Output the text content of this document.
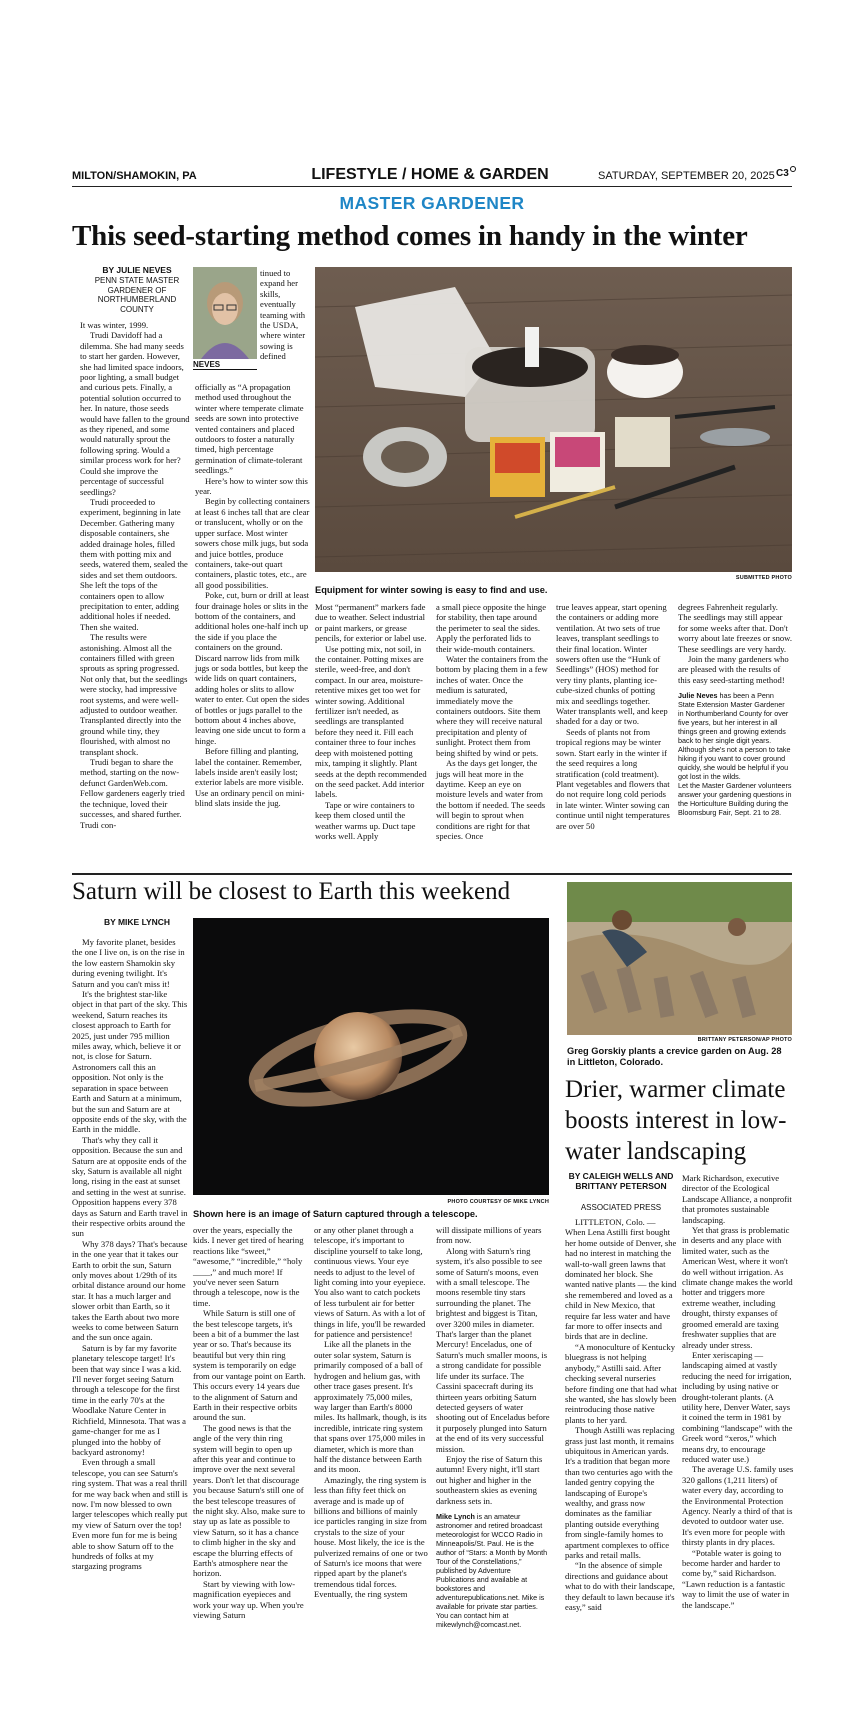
MILTON/SHAMOKIN, PA	LIFESTYLE / HOME & GARDEN	SATURDAY, SEPTEMBER 20, 2025 C3
MASTER GARDENER
This seed-starting method comes in handy in the winter
BY JULIE NEVES
PENN STATE MASTER GARDENER OF NORTHUMBERLAND COUNTY
NEVES
SUBMITTED PHOTO
Equipment for winter sowing is easy to find and use.

It was winter, 1999.

Trudi Davidoff had a dilemma. She had many seeds to start her garden. However, she had limited space indoors, poor lighting, a small budget and curious pets. Finally, a potential solution occurred to her. In nature, those seeds would have fallen to the ground as they ripened, and some would naturally sprout the following spring. Would a similar process work for her? Could she improve the percentage of successful seedlings?

Trudi proceeded to experiment, beginning in late December. Gathering many disposable containers, she added drainage holes, filled them with potting mix and seeds, watered them, sealed the sides and set them outdoors. She left the tops of the containers open to allow precipitation to enter, adding additional holes if needed. Then she waited.

The results were astonishing. Almost all the containers filled with green sprouts as spring progressed. Not only that, but the seedlings were stocky, had impressive root systems, and were well-adjusted to outdoor weather. Transplanted directly into the ground while tiny, they flourished, with almost no transplant shock.

Trudi began to share the method, starting on the now-defunct GardenWeb.com. Fellow gardeners eagerly tried the technique, loved their successes, and shared further. Trudi con-

tinued to expand her skills, eventually teaming with the USDA, where winter sowing is defined

officially as “A propagation method used throughout the winter where temperate climate seeds are sown into protective vented containers and placed outdoors to foster a naturally timed, high percentage germination of climate-tolerant seedlings.”

Here’s how to winter sow this year.

Begin by collecting containers at least 6 inches tall that are clear or translucent, wholly or on the upper surface. Most winter sowers chose milk jugs, but soda and juice bottles, produce containers, take-out quart containers, plastic totes, etc., are all good possibilities.

Poke, cut, burn or drill at least four drainage holes or slits in the bottom of the containers, and additional holes one-half inch up the side if you place the containers on the ground. Discard narrow lids from milk jugs or soda bottles, but keep the wide lids on quart containers, adding holes or slits to allow water to enter. Cut open the sides of bottles or jugs parallel to the bottom about 4 inches above, leaving one side uncut to form a hinge.

Before filling and planting, label the container. Remember, labels inside aren't easily lost; exterior labels are more visible. Use an ordinary pencil on mini-blind slats inside the jug.

Most “permanent” markers fade due to weather. Select industrial or paint markers, or grease pencils, for exterior or label use.

Use potting mix, not soil, in the container. Potting mixes are sterile, weed-free, and don't compact. In our area, moisture-retentive mixes get too wet for winter sowing. Additional fertilizer isn't needed, as seedlings are transplanted before they need it. Fill each container three to four inches deep with moistened potting mix, tamping it slightly. Plant seeds at the depth recommended on the seed packet. Add interior labels.

Tape or wire containers to keep them closed until the weather warms up. Duct tape works well. Apply

a small piece opposite the hinge for stability, then tape around the perimeter to seal the sides. Apply the perforated lids to their wide-mouth containers.

Water the containers from the bottom by placing them in a few inches of water. Once the medium is saturated, immediately move the containers outdoors. Site them where they will receive natural precipitation and plenty of sunlight. Protect them from being shifted by wind or pets.

As the days get longer, the jugs will heat more in the daytime. Keep an eye on moisture levels and water from the bottom if needed. The seeds will begin to sprout when conditions are right for that species. Once

true leaves appear, start opening the containers or adding more ventilation. At two sets of true leaves, transplant seedlings to their final location. Winter sowers often use the “Hunk of Seedlings” (HOS) method for very tiny plants, planting ice-cube-sized chunks of potting mix and seedlings together. Water transplants well, and keep shaded for a day or two.

Seeds of plants not from tropical regions may be winter sown. Start early in the winter if the seed requires a long stratification (cold treatment). Plant vegetables and flowers that do not require long cold periods in late winter. Winter sowing can continue until night temperatures are over 50

degrees Fahrenheit regularly. The seedlings may still appear for some weeks after that. Don't worry about late freezes or snow. These seedlings are very hardy.

Join the many gardeners who are pleased with the results of this easy seed-starting method!

Julie Neves has been a Penn State Extension Master Gardener in Northumberland County for over five years, but her interest in all things green and growing extends back to her single digit years. Although she's not a person to take hiking if you want to cover ground quickly, she would be helpful if you got lost in the wilds.
Let the Master Gardener volunteers answer your gardening questions in the Horticulture Building during the Bloomsburg Fair, Sept. 21 to 28.
Saturn will be closest to Earth this weekend
BY MIKE LYNCH
PHOTO COURTESY OF MIKE LYNCH
Shown here is an image of Saturn captured through a telescope.

My favorite planet, besides the one I live on, is on the rise in the low eastern Shamokin sky during evening twilight. It's Saturn and you can't miss it!

It's the brightest star-like object in that part of the sky. This weekend, Saturn reaches its closest approach to Earth for 2025, just under 795 million miles away, which, believe it or not, is close for Saturn. Astronomers call this an opposition. Not only is the separation in space between Earth and Saturn at a minimum, but the sun and Saturn are at opposite ends of the sky, with the Earth in the middle.

That's why they call it opposition. Because the sun and Saturn are at opposite ends of the sky, Saturn is available all night long, rising in the east at sunset and setting in the west at sunrise. Opposition happens every 378 days as Saturn and Earth travel in their respective orbits around the sun

Why 378 days? That's because in the one year that it takes our Earth to orbit the sun, Saturn only moves about 1/29th of its orbital distance around our home star. It has a much larger and slower orbit than Earth, so it takes the Earth about two more weeks to come between Saturn and the sun once again.

Saturn is by far my favorite planetary telescope target! It's been that way since I was a kid. I'll never forget seeing Saturn through a telescope for the first time in the early 70's at the Woodlake Nature Center in Richfield, Minnesota. That was a game-changer for me as I plunged into the hobby of backyard astronomy!

Even through a small telescope, you can see Saturn's ring system. That was a real thrill for me way back when and still is now. I'm now blessed to own larger telescopes which really put my view of Saturn over the top! Even more fun for me is being able to show Saturn off to the hundreds of folks at my stargazing programs

over the years, especially the kids. I never get tired of hearing reactions like “sweet,” “awesome,” “incredible,” “holy ____,” and much more! If you've never seen Saturn through a telescope, now is the time.

While Saturn is still one of the best telescope targets, it's been a bit of a bummer the last year or so. That's because its beautiful but very thin ring system is temporarily on edge from our vantage point on Earth. This occurs every 14 years due to the alignment of Saturn and Earth in their respective orbits around the sun.

The good news is that the angle of the very thin ring system will begin to open up after this year and continue to improve over the next several years. Don't let that discourage you because Saturn's still one of the best telescope treasures of the night sky. Also, make sure to stay up as late as possible to view Saturn, so it has a chance to climb higher in the sky and escape the blurring effects of Earth's atmosphere near the horizon.

Start by viewing with low-magnification eyepieces and work your way up. When you're viewing Saturn

or any other planet through a telescope, it's important to discipline yourself to take long, continuous views. Your eye needs to adjust to the level of light coming into your eyepiece. You also want to catch pockets of less turbulent air for better views of Saturn. As with a lot of things in life, you'll be rewarded for patience and persistence!

Like all the planets in the outer solar system, Saturn is primarily composed of a ball of hydrogen and helium gas, with other trace gases present. It's approximately 75,000 miles, way larger than Earth's 8000 miles. Its hallmark, though, is its incredible, intricate ring system that spans over 175,000 miles in diameter, which is more than half the distance between Earth and its moon.

Amazingly, the ring system is less than fifty feet thick on average and is made up of billions and billions of mainly ice particles ranging in size from crystals to the size of your house. Most likely, the ice is the pulverized remains of one or two of Saturn's ice moons that were ripped apart by the planet's tremendous tidal forces. Eventually, the ring system

will dissipate millions of years from now.

Along with Saturn's ring system, it's also possible to see some of Saturn's moons, even with a small telescope. The moons resemble tiny stars surrounding the planet. The brightest and biggest is Titan, over 3200 miles in diameter. That's larger than the planet Mercury! Enceladus, one of Saturn's much smaller moons, is a strong candidate for possible life under its surface. The Cassini spacecraft during its thirteen years orbiting Saturn detected geysers of water shooting out of Enceladus before it purposely plunged into Saturn at the end of its very successful mission.

Enjoy the rise of Saturn this autumn! Every night, it'll start out higher and higher in the southeastern skies as evening darkness sets in.

Mike Lynch is an amateur astronomer and retired broadcast meteorologist for WCCO Radio in Minneapolis/St. Paul. He is the author of “Stars: a Month by Month Tour of the Constellations,” published by Adventure Publications and available at bookstores and adventurepublications.net. Mike is available for private star parties. You can contact him at mikewlynch@comcast.net.
BRITTANY PETERSON/AP PHOTO
Greg Gorskiy plants a crevice garden on Aug. 28 in Littleton, Colorado.
Drier, warmer climate boosts interest in low-water landscaping
BY CALEIGH WELLS AND BRITTANY PETERSON
ASSOCIATED PRESS

LITTLETON, Colo. — When Lena Astilli first bought her home outside of Denver, she had no interest in matching the wall-to-wall green lawns that dominated her block. She wanted native plants — the kind she remembered and loved as a child in New Mexico, that require far less water and have far more to offer insects and birds that are in decline.

“A monoculture of Kentucky bluegrass is not helping anybody,” Astilli said. After checking several nurseries before finding one that had what she wanted, she has slowly been reintroducing those native plants to her yard.

Though Astilli was replacing grass just last month, it remains ubiquitous in American yards. It's a tradition that began more than two centuries ago with the landed gentry copying the landscaping of Europe's wealthy, and grass now dominates as the familiar planting outside everything from single-family homes to apartment complexes to office parks and retail malls.

“In the absence of simple directions and guidance about what to do with their landscape, they default to lawn because it's easy,” said

Mark Richardson, executive director of the Ecological Landscape Alliance, a nonprofit that promotes sustainable landscaping.

Yet that grass is problematic in deserts and any place with limited water, such as the American West, where it won't do well without irrigation. As climate change makes the world hotter and triggers more extreme weather, including drought, thirsty expanses of groomed emerald are taxing freshwater supplies that are already under stress.

Enter xeriscaping — landscaping aimed at vastly reducing the need for irrigation, including by using native or drought-tolerant plants. (A utility here, Denver Water, says it coined the term in 1981 by combining “landscape” with the Greek word “xeros,” which means dry, to encourage reduced water use.)

The average U.S. family uses 320 gallons (1,211 liters) of water every day, according to the Environmental Protection Agency. Nearly a third of that is devoted to outdoor water use. It's even more for people with thirsty plants in dry places.

“Potable water is going to become harder and harder to come by,” said Richardson. “Lawn reduction is a fantastic way to limit the use of water in the landscape.”
